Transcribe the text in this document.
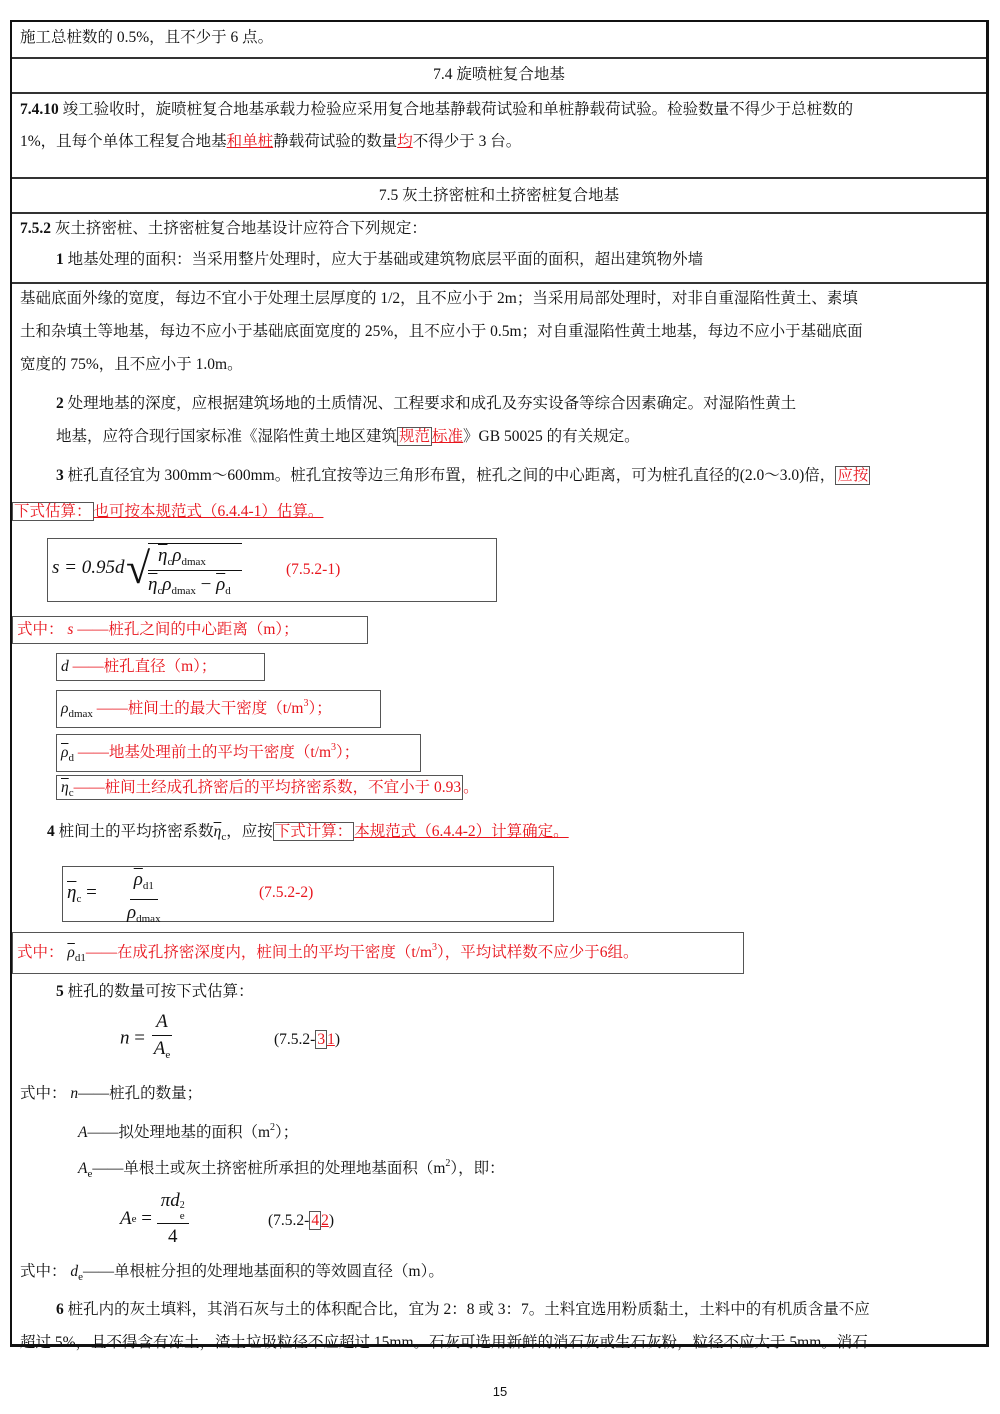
施工总桩数的 0.5%，且不少于 6 点。
7.4 旋喷桩复合地基
7.4.10 竣工验收时，旋喷桩复合地基承载力检验应采用复合地基静载荷试验和单桩静载荷试验。检验数量不得少于总桩数的
1%，且每个单体工程复合地基和单桩静载荷试验的数量均不得少于 3 台。
7.5 灰土挤密桩和土挤密桩复合地基
7.5.2 灰土挤密桩、土挤密桩复合地基设计应符合下列规定：
1 地基处理的面积：当采用整片处理时，应大于基础或建筑物底层平面的面积，超出建筑物外墙
基础底面外缘的宽度，每边不宜小于处理土层厚度的 1/2，且不应小于 2m；当采用局部处理时，对非自重湿陷性黄土、素填
土和杂填土等地基，每边不应小于基础底面宽度的 25%，且不应小于 0.5m；对自重湿陷性黄土地基，每边不应小于基础底面
宽度的 75%，且不应小于 1.0m。
2 处理地基的深度，应根据建筑场地的土质情况、工程要求和成孔及夯实设备等综合因素确定。对湿陷性黄土
地基，应符合现行国家标准《湿陷性黄土地区建筑 规范 标准》GB 50025 的有关规定。
3 桩孔直径宜为 300mm～600mm。桩孔宜按等边三角形布置，桩孔之间的中心距离，可为桩孔直径的(2.0～3.0)倍， 应按
下式估算： 也可按本规范式（6.4.4-1）估算。
s = 0.95d √ $\eta_c\rho_{dmax}$
$\overline{\eta}_c\rho_{dmax} - \overline{\rho}_d$
(7.5.2-1)
式中： s ——桩孔之间的中心距离（m）；
d ——桩孔直径（m）；
$\rho_{dmax}$ ——桩间土的最大干密度$(t/m^3)$；
$\overline{\rho}_d$ ——地基处理前土的平均干密度$(t/m^3)$；
$\overline{\eta}_c——$桩间土经成孔挤密后的平均挤密系数，不宜小于 0.93 。
4 桩间土的平均挤密系数$\overline{\eta}_c$，应按 下式计算： 本规范式（6.4.4-2）计算确定。
$\overline{\eta}_c = \frac{\overline{\rho}_{d1}}{\rho_{dmax}}$	(7.5.2-2)
式中： $\overline{\rho}_{d1}——$在成孔挤密深度内，桩间土的平均干密度$(t/m^3)$，平均试样数不应少于6组。
5 桩孔的数量可按下式估算：
$n = \frac{A}{A_e}$	(7.5.2- 3 1)
式中： n——桩孔的数量；
A——拟处理地基的面积$(m^2)$；
$A_e——$单根土或灰土挤密桩所承担的处理地基面积$(m^2)$，即：
Ae = πd 2
e
4	(7.5.2- 4 2)
式中： $d_e——$单根桩分担的处理地基面积的等效圆直径（m）。
6 桩孔内的灰土填料，其消石灰与土的体积配合比，宜为 2：8 或 3：7。土料宜选用粉质黏土，土料中的有机质含量不应
超过 5%，且不得含有冻土，渣土垃圾粒径不应超过 15mm。石灰可选用新鲜的消石灰或生石灰粉，粒径不应大于 5mm。消石
15
